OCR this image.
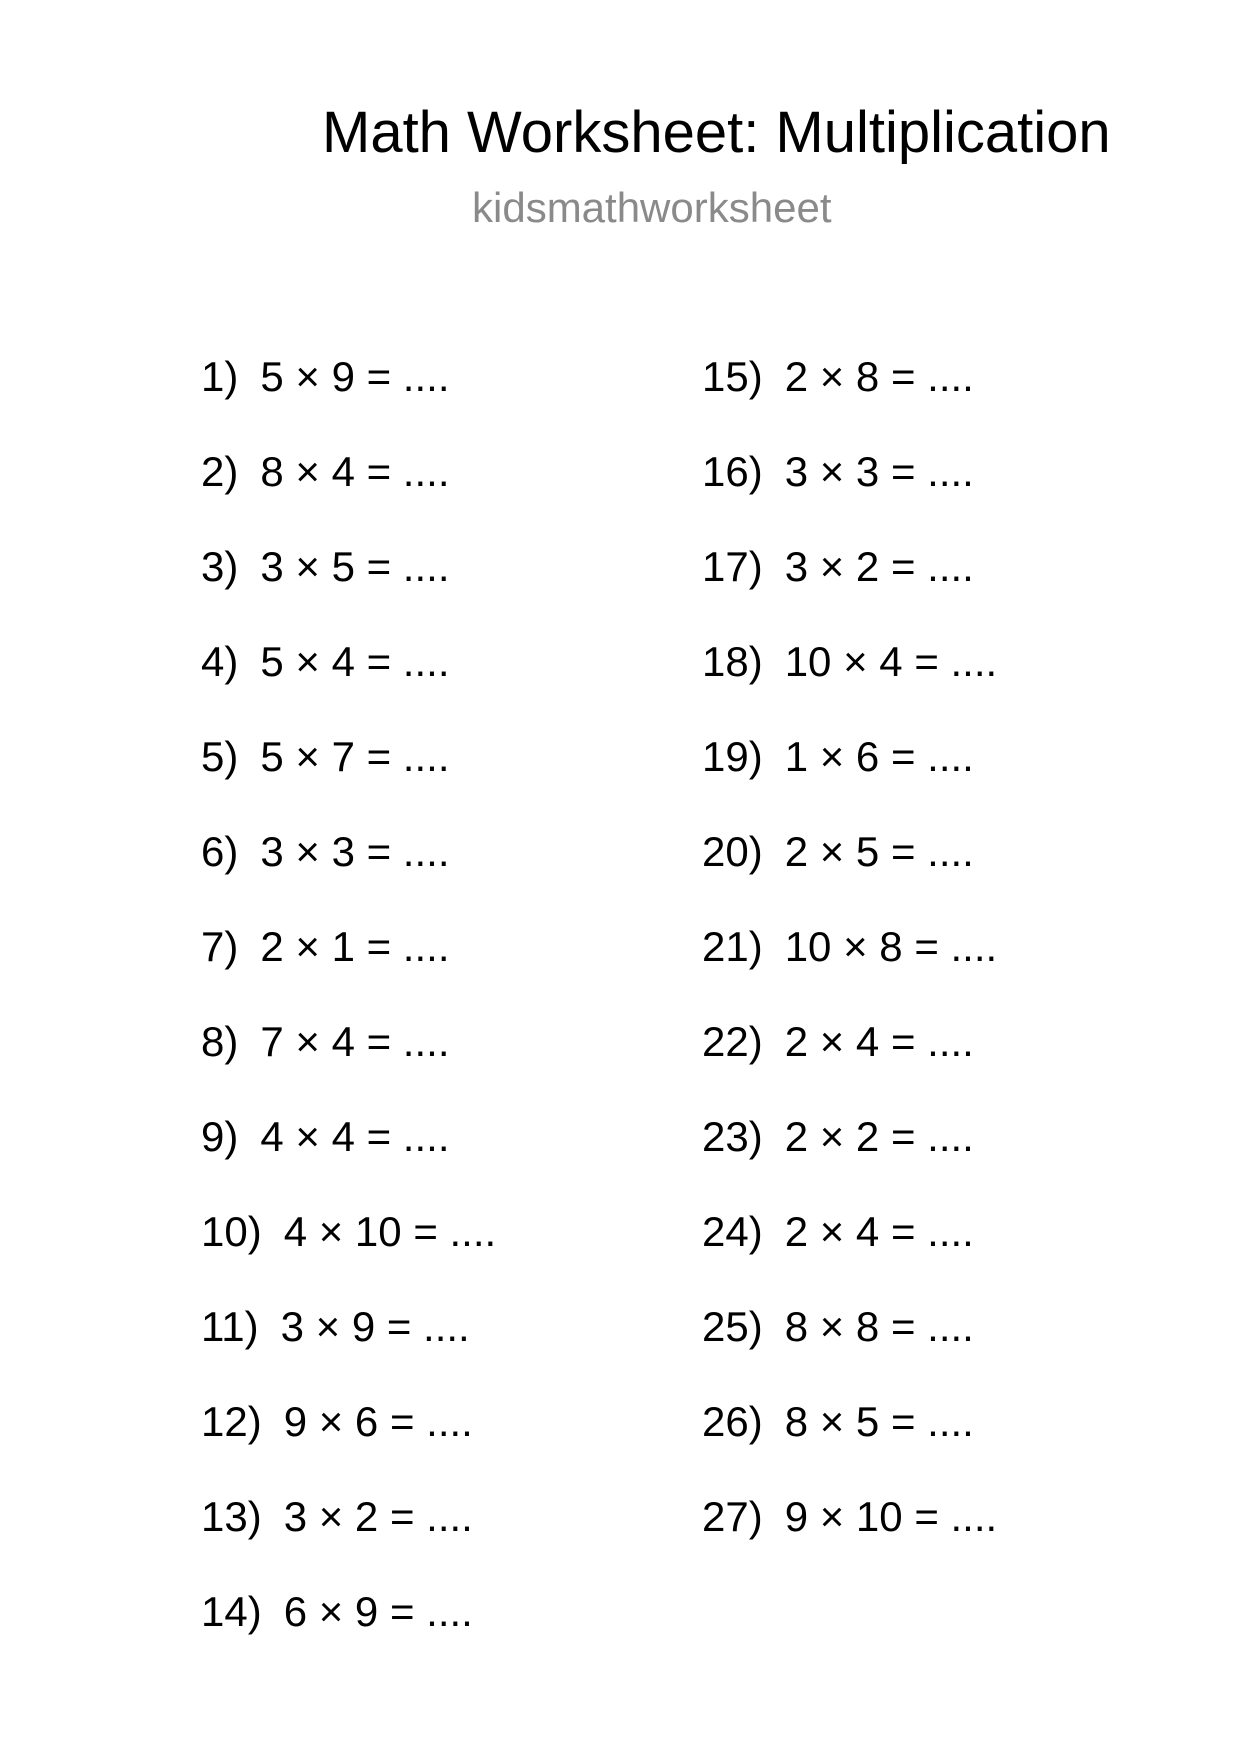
Math Worksheet: Multiplication
kidsmathworksheet
1) 5 × 9 = ....
2) 8 × 4 = ....
3) 3 × 5 = ....
4) 5 × 4 = ....
5) 5 × 7 = ....
6) 3 × 3 = ....
7) 2 × 1 = ....
8) 7 × 4 = ....
9) 4 × 4 = ....
10) 4 × 10 = ....
11) 3 × 9 = ....
12) 9 × 6 = ....
13) 3 × 2 = ....
14) 6 × 9 = ....
15) 2 × 8 = ....
16) 3 × 3 = ....
17) 3 × 2 = ....
18) 10 × 4 = ....
19) 1 × 6 = ....
20) 2 × 5 = ....
21) 10 × 8 = ....
22) 2 × 4 = ....
23) 2 × 2 = ....
24) 2 × 4 = ....
25) 8 × 8 = ....
26) 8 × 5 = ....
27) 9 × 10 = ....
